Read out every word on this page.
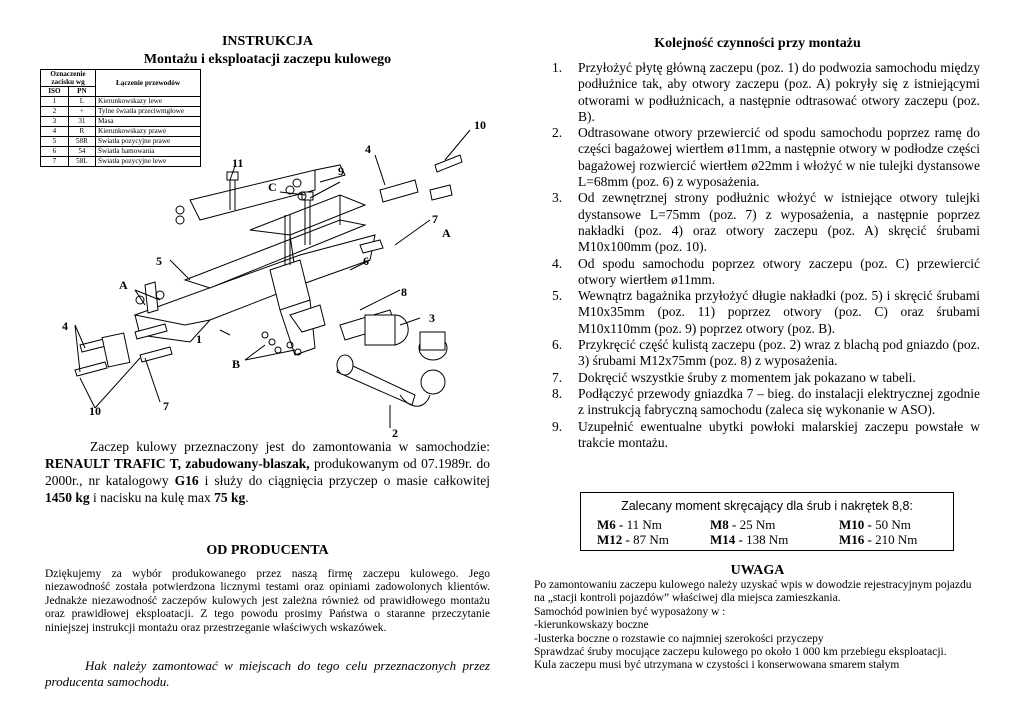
INSTRUKCJA
Montażu i eksploatacji zaczepu kulowego
Oznaczenie zacisku wg		Łączenie przewodów
ISO	PN	
1	L	Kierunkowskazy lewe
2	+	Tylne światła przeciwmgłowe
3	31	Masa
4	R	Kierunkowskazy prawe
5	58R	Światła pozycyjne prawe
6	54	Światła hamowania
7	58L	Światła pozycyjne lewe	11
C
9
4
10
7
A
5	6
8
3
A
4
1
B
10	7
2

Zaczep kulowy przeznaczony jest do zamontowania w samochodzie: RENAULT TRAFIC T, zabudowany-blaszak, produkowanym od 07.1989r. do 2000r., nr katalogowy G16 i służy do ciągnięcia przyczep o masie całkowitej 1450 kg i nacisku na kulę max 75 kg.

OD PRODUCENTA

Dziękujemy za wybór produkowanego przez naszą firmę zaczepu kulowego. Jego niezawodność została potwierdzona licznymi testami oraz opiniami zadowolonych klientów. Jednakże niezawodność zaczepów kulowych jest zależna również od prawidłowego montażu oraz prawidłowej eksploatacji. Z tego powodu prosimy Państwa o staranne przeczytanie niniejszej instrukcji montażu oraz przestrzeganie właściwych wskazówek.

Hak należy zamontować w miejscach do tego celu przeznaczonych przez producenta samochodu.
Kolejność czynności przy montażu
1. Przyłożyć płytę główną zaczepu (poz. 1) do podwozia samochodu między podłużnice tak, aby otwory zaczepu (poz. A) pokryły się z istniejącymi otworami w podłużnicach, a następnie odtrasować otwory zaczepu (poz. B).
2. Odtrasowane otwory przewiercić od spodu samochodu poprzez ramę do części bagażowej wiertłem ø11mm, a następnie otwory w podłodze części bagażowej rozwiercić wiertłem ø22mm i włożyć w nie tulejki dystansowe L=68mm (poz. 6) z wyposażenia.
3. Od zewnętrznej strony podłużnic włożyć w istniejące otwory tulejki dystansowe L=75mm (poz. 7) z wyposażenia, a następnie poprzez nakładki (poz. 4) oraz otwory zaczepu (poz. A) skręcić śrubami M10x100mm (poz. 10).
4. Od spodu samochodu poprzez otwory zaczepu (poz. C) przewiercić otwory wiertłem ø11mm.
5. Wewnątrz bagażnika przyłożyć długie nakładki (poz. 5) i skręcić śrubami M10x35mm (poz. 11) poprzez otwory (poz. C) oraz śrubami M10x110mm (poz. 9) poprzez otwory (poz. B).
6. Przykręcić część kulistą zaczepu (poz. 2) wraz z blachą pod gniazdo (poz. 3) śrubami M12x75mm (poz. 8) z wyposażenia.
7. Dokręcić wszystkie śruby z momentem jak pokazano w tabeli.
8. Podłączyć przewody gniazdka 7 – bieg. do instalacji elektrycznej zgodnie z instrukcją fabryczną samochodu (zaleca się wykonanie w ASO).
9. Uzupełnić ewentualne ubytki powłoki malarskiej zaczepu powstałe w trakcie montażu.
Zalecany moment skręcający dla śrub i nakrętek 8,8:
M6 - 11 Nm	M8 - 25 Nm	M10 - 50 Nm
M12 - 87 Nm	M14 - 138 Nm	M16 - 210 Nm
UWAGA

Po zamontowaniu zaczepu kulowego należy uzyskać wpis w dowodzie rejestracyjnym pojazdu na „stacji kontroli pojazdów” właściwej dla miejsca zamieszkania.

Samochód powinien być wyposażony w :

-kierunkowskazy boczne

-lusterka boczne o rozstawie co najmniej szerokości przyczepy

Sprawdzać śruby mocujące zaczepu kulowego po około 1 000 km przebiegu eksploatacji.

Kula zaczepu musi być utrzymana w czystości i konserwowana smarem stałym
